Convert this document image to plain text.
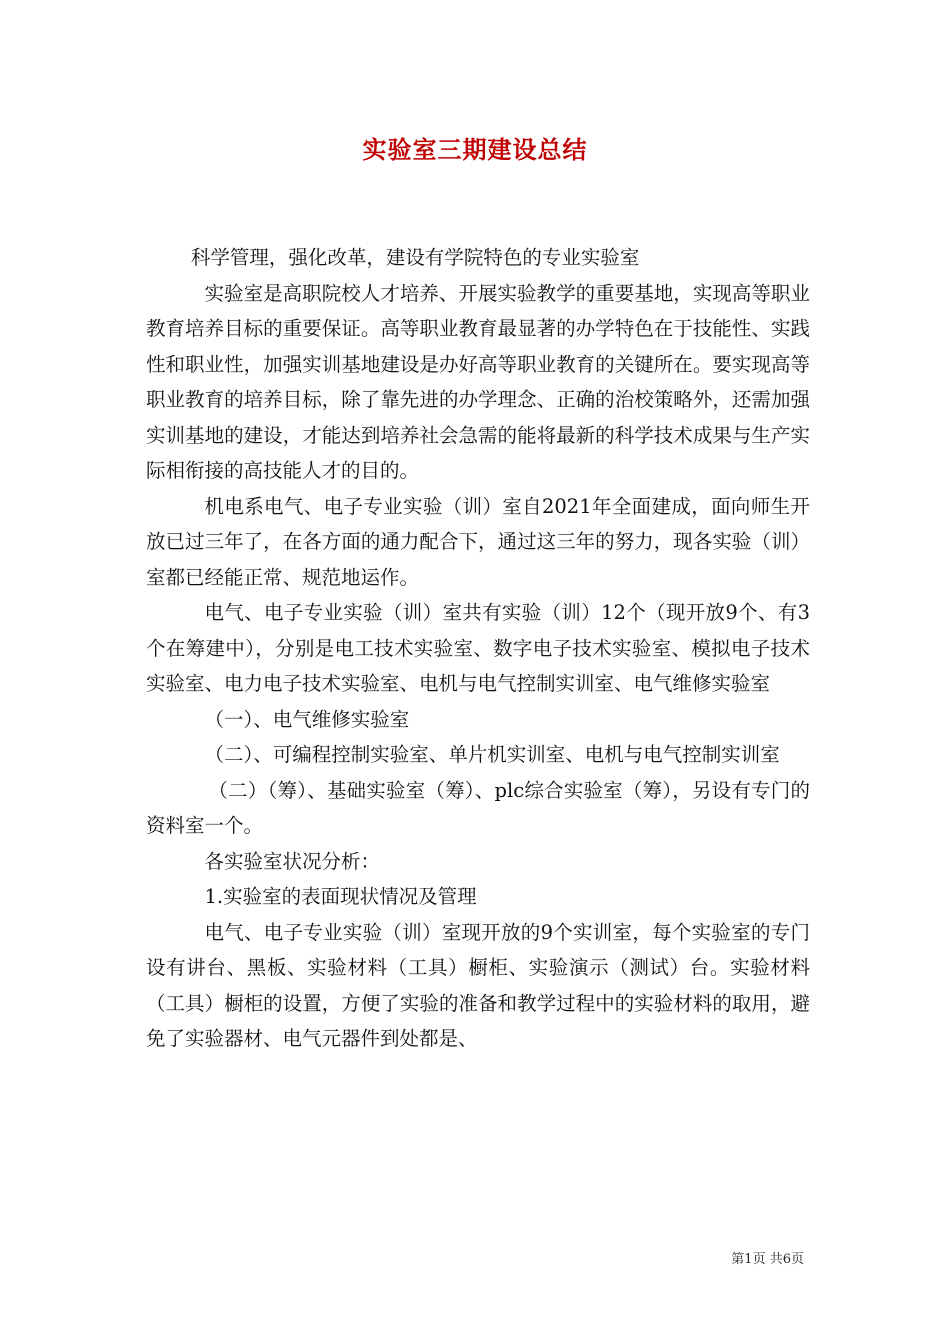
实验室三期建设总结

科学管理，强化改革，建设有学院特色的专业实验室

实验室是高职院校人才培养、开展实验教学的重要基地，实现高等职业教育培养目标的重要保证。高等职业教育最显著的办学特色在于技能性、实践性和职业性，加强实训基地建设是办好高等职业教育的关键所在。要实现高等职业教育的培养目标，除了靠先进的办学理念、正确的治校策略外，还需加强实训基地的建设，才能达到培养社会急需的能将最新的科学技术成果与生产实际相衔接的高技能人才的目的。

机电系电气、电子专业实验（训）室自2021年全面建成，面向师生开放已过三年了，在各方面的通力配合下，通过这三年的努力，现各实验（训）室都已经能正常、规范地运作。

电气、电子专业实验（训）室共有实验（训）12个（现开放9个、有3个在筹建中），分别是电工技术实验室、数字电子技术实验室、模拟电子技术实验室、电力电子技术实验室、电机与电气控制实训室、电气维修实验室

（一）、电气维修实验室

（二）、可编程控制实验室、单片机实训室、电机与电气控制实训室

（二）（筹）、基础实验室（筹）、plc综合实验室（筹），另设有专门的资料室一个。

各实验室状况分析：

1.实验室的表面现状情况及管理

电气、电子专业实验（训）室现开放的9个实训室，每个实验室的专门设有讲台、黑板、实验材料（工具）橱柜、实验演示（测试）台。实验材料（工具）橱柜的设置，方便了实验的准备和教学过程中的实验材料的取用，避免了实验器材、电气元器件到处都是、

第1页 共6页
